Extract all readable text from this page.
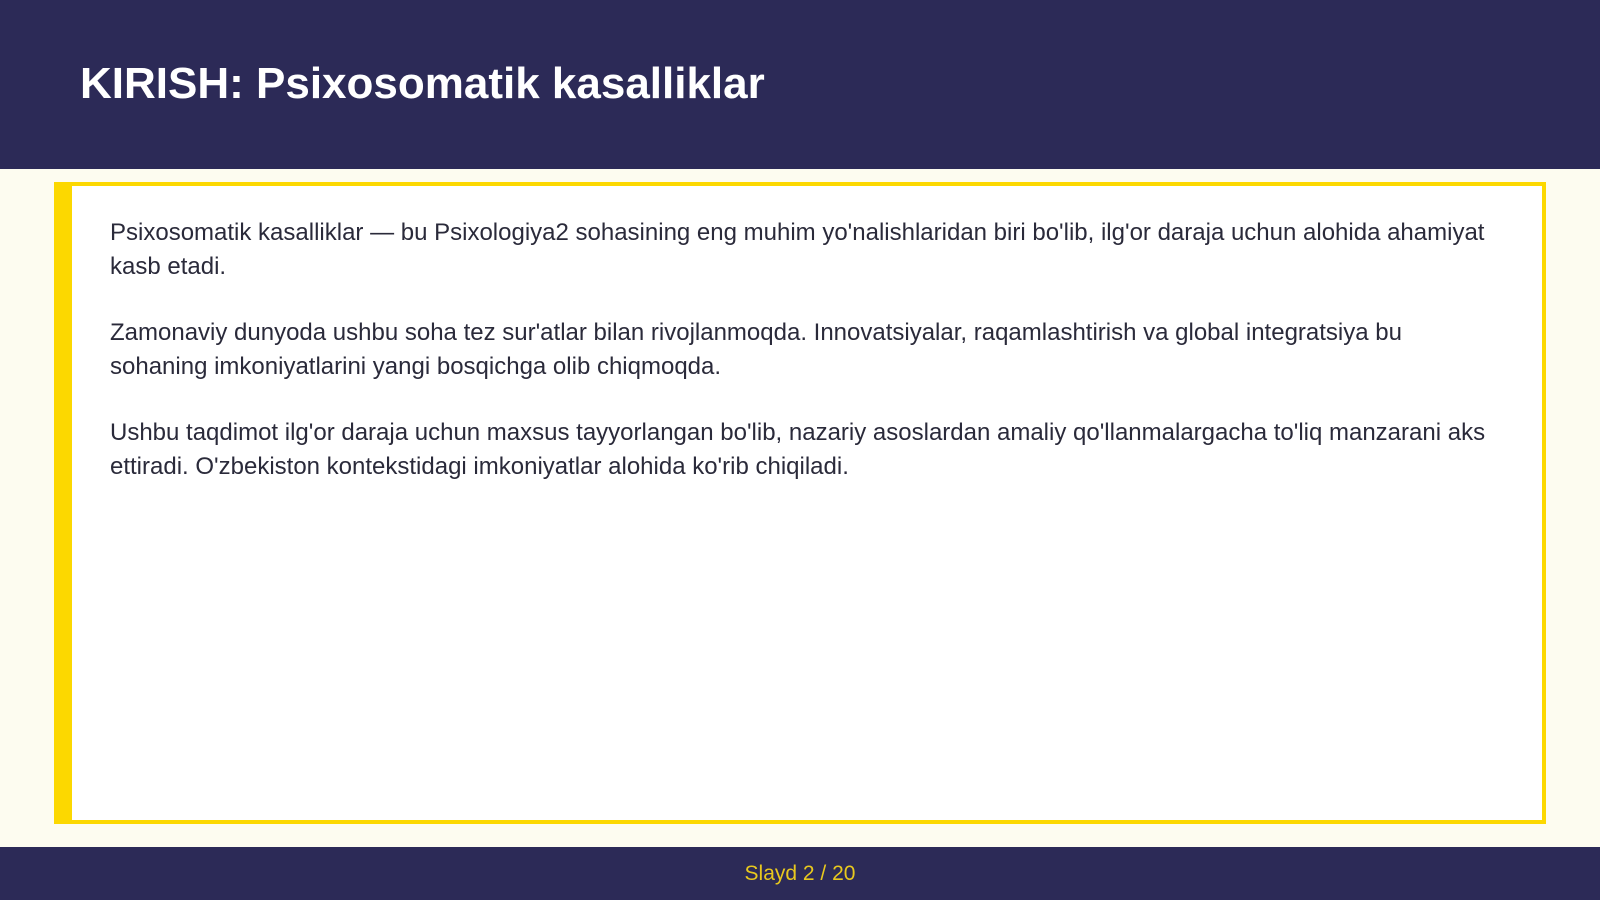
KIRISH: Psixosomatik kasalliklar

Psixosomatik kasalliklar — bu Psixologiya2 sohasining eng muhim yo'nalishlaridan biri bo'lib, ilg'or daraja uchun alohida ahamiyat kasb etadi.

Zamonaviy dunyoda ushbu soha tez sur'atlar bilan rivojlanmoqda. Innovatsiyalar, raqamlashtirish va global integratsiya bu sohaning imkoniyatlarini yangi bosqichga olib chiqmoqda.

Ushbu taqdimot ilg'or daraja uchun maxsus tayyorlangan bo'lib, nazariy asoslardan amaliy qo'llanmalargacha to'liq manzarani aks ettiradi. O'zbekiston kontekstidagi imkoniyatlar alohida ko'rib chiqiladi.

Slayd 2 / 20
